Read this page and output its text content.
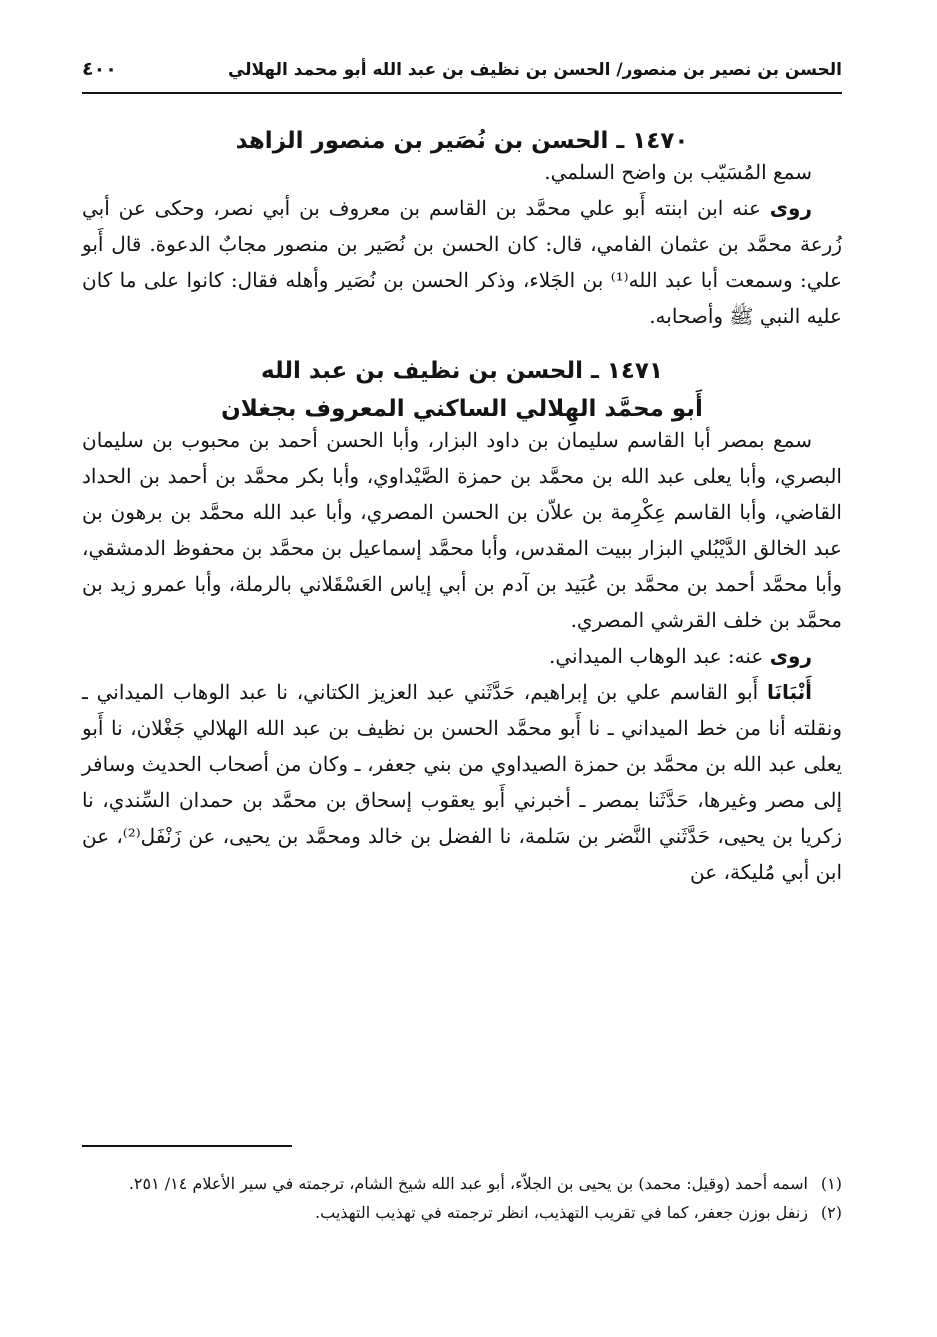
الحسن بن نصير بن منصور/ الحسن بن نظيف بن عبد الله أبو محمد الهلالي
٤٠٠
١٤٧٠ ـ الحسن بن نُصَير بن منصور الزاهد

سمع المُسَيّب بن واضح السلمي.

روى عنه ابن ابنته أَبو علي محمَّد بن القاسم بن معروف بن أبي نصر، وحكى عن أبي زُرعة محمَّد بن عثمان الفامي، قال: كان الحسن بن نُصَير بن منصور مجابٌ الدعوة. قال أَبو علي: وسمعت أبا عبد الله⁽¹⁾ بن الجَلاء، وذكر الحسن بن نُصَير وأهله فقال: كانوا على ما كان عليه النبي ﷺ وأصحابه.

١٤٧١ ـ الحسن بن نظيف بن عبد الله
أَبو محمَّد الهِلالي الساكني المعروف بجغلان

سمع بمصر أبا القاسم سليمان بن داود البزار، وأبا الحسن أحمد بن محبوب بن سليمان البصري، وأبا يعلى عبد الله بن محمَّد بن حمزة الصَّيْداوي، وأبا بكر محمَّد بن أحمد بن الحداد القاضي، وأبا القاسم عِكْرِمة بن علاّن بن الحسن المصري، وأبا عبد الله محمَّد بن برهون بن عبد الخالق الدَّيْبُلي البزار ببيت المقدس، وأبا محمَّد إسماعيل بن محمَّد بن محفوظ الدمشقي، وأبا محمَّد أحمد بن محمَّد بن عُبَيد بن آدم بن أبي إياس العَسْقَلاني بالرملة، وأبا عمرو زيد بن محمَّد بن خلف القرشي المصري.

روى عنه: عبد الوهاب الميداني.

أَنْبَانَا أَبو القاسم علي بن إبراهيم، حَدَّثَني عبد العزيز الكتاني، نا عبد الوهاب الميداني ـ ونقلته أنا من خط الميداني ـ نا أَبو محمَّد الحسن بن نظيف بن عبد الله الهلالي جَغْلان، نا أَبو يعلى عبد الله بن محمَّد بن حمزة الصيداوي من بني جعفر، ـ وكان من أصحاب الحديث وسافر إلى مصر وغيرها، حَدَّثَنا بمصر ـ أخبرني أَبو يعقوب إسحاق بن محمَّد بن حمدان السِّندي، نا زكريا بن يحيى، حَدَّثَني النَّضر بن سَلمة، نا الفضل بن خالد ومحمَّد بن يحيى، عن زَنْفَل⁽²⁾، عن ابن أبي مُليكة، عن

(١)
اسمه أحمد (وقيل: محمد) بن يحيى بن الجلاّء، أبو عبد الله شيخ الشام، ترجمته في سير الأعلام ١٤/ ٢٥١.
(٢)
زنفل بوزن جعفر، كما في تقريب التهذيب، انظر ترجمته في تهذيب التهذيب.
